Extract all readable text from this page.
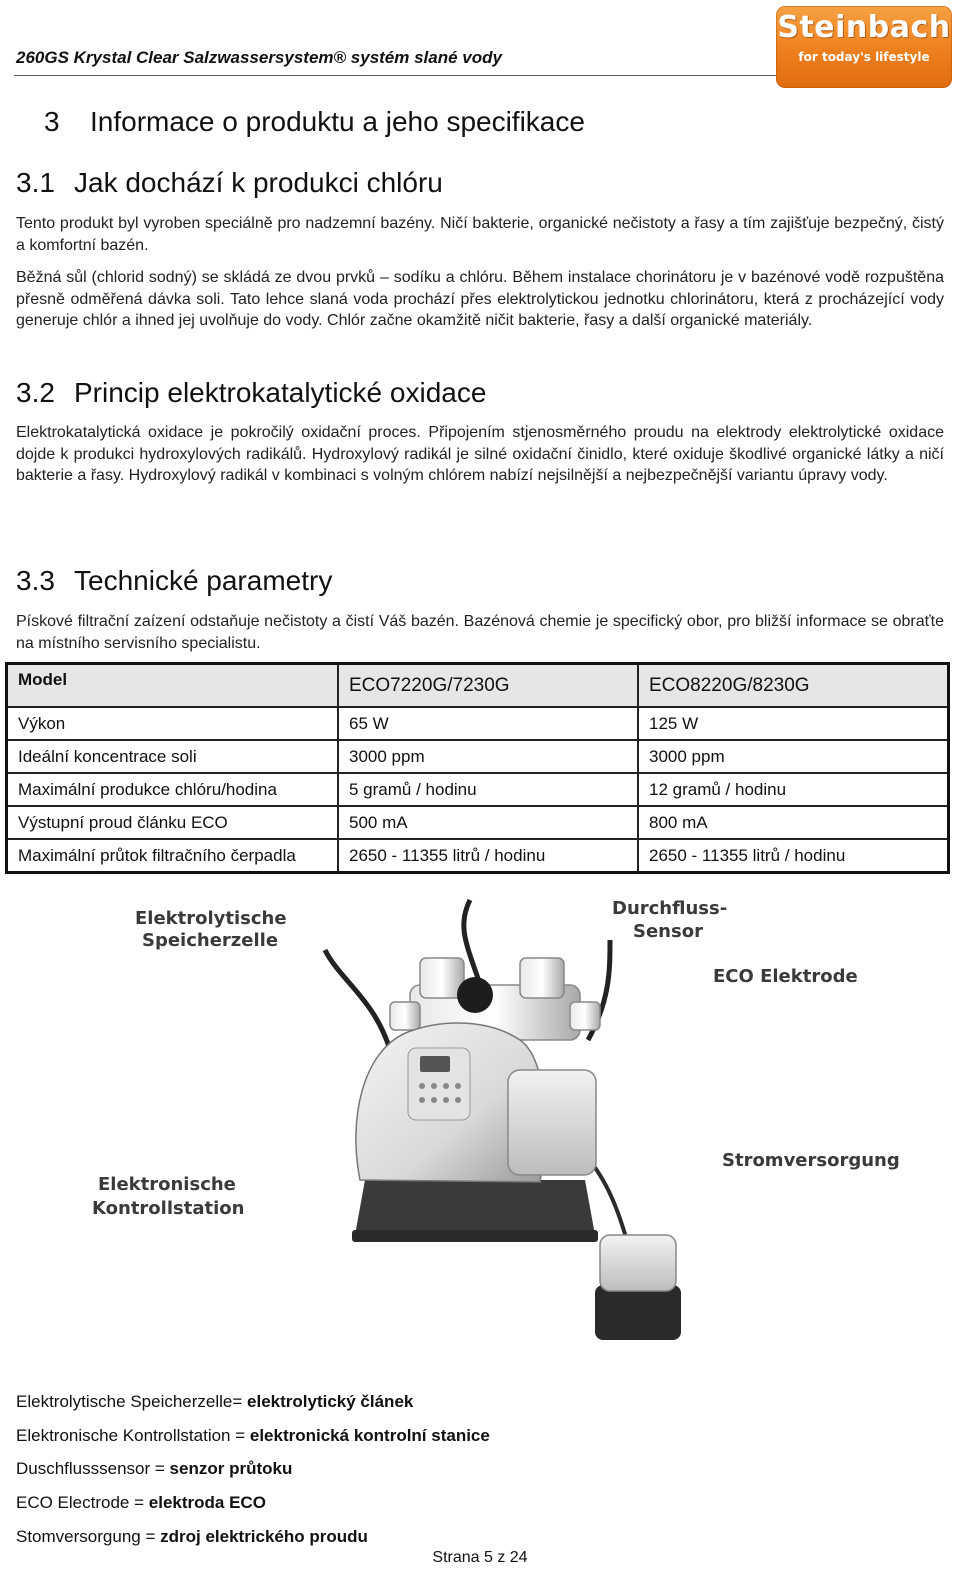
260GS Krystal Clear Salzwassersystem® systém slané vody
Steinbach
for today's lifestyle
3 Informace o produktu a jeho specifikace
3.1 Jak dochází k produkci chlóru

Tento produkt byl vyroben speciálně pro nadzemní bazény. Ničí bakterie, organické nečistoty a řasy a tím zajišťuje bezpečný, čistý a komfortní bazén.

Běžná sůl (chlorid sodný) se skládá ze dvou prvků – sodíku a chlóru. Během instalace chorinátoru je v bazénové vodě rozpuštěna přesně odměřená dávka soli. Tato lehce slaná voda prochází přes elektrolytickou jednotku chlorinátoru, která z procházející vody generuje chlór a ihned jej uvolňuje do vody. Chlór začne okamžitě ničit bakterie, řasy a další organické materiály.

3.2 Princip elektrokatalytické oxidace

Elektrokatalytická oxidace je pokročilý oxidační proces. Připojením stjenosměrného proudu na elektrody elektrolytické oxidace dojde k produkci hydroxylových radikálů. Hydroxylový radikál je silné oxidační činidlo, které oxiduje škodlivé organické látky a ničí bakterie a řasy. Hydroxylový radikál v kombinaci s volným chlórem nabízí nejsilnější a nejbezpečnější variantu úpravy vody.

3.3 Technické parametry

Pískové filtrační zaízení odstaňuje nečistoty a čistí Váš bazén. Bazénová chemie je specifický obor, pro bližší informace se obraťte na místního servisního specialistu.

Model	ECO7220G/7230G	ECO8220G/8230G
Výkon	65 W	125 W
Ideální koncentrace soli	3000 ppm	3000 ppm
Maximální produkce chlóru/hodina	5 gramů / hodinu	12 gramů / hodinu
Výstupní proud článku ECO	500 mA	800 mA
Maximální průtok filtračního čerpadla	2650 - 11355 litrů / hodinu	2650 - 11355 litrů / hodinu
Elektrolytische
Speicherzelle
Durchfluss-
Sensor
ECO Elektrode
Elektronische
Kontrollstation
Stromversorgung
Elektrolytische Speicherzelle= elektrolytický článek
Elektronische Kontrollstation = elektronická kontrolní stanice
Duschflusssensor = senzor průtoku
ECO Electrode = elektroda ECO
Stomversorgung = zdroj elektrického proudu
Strana 5 z 24
